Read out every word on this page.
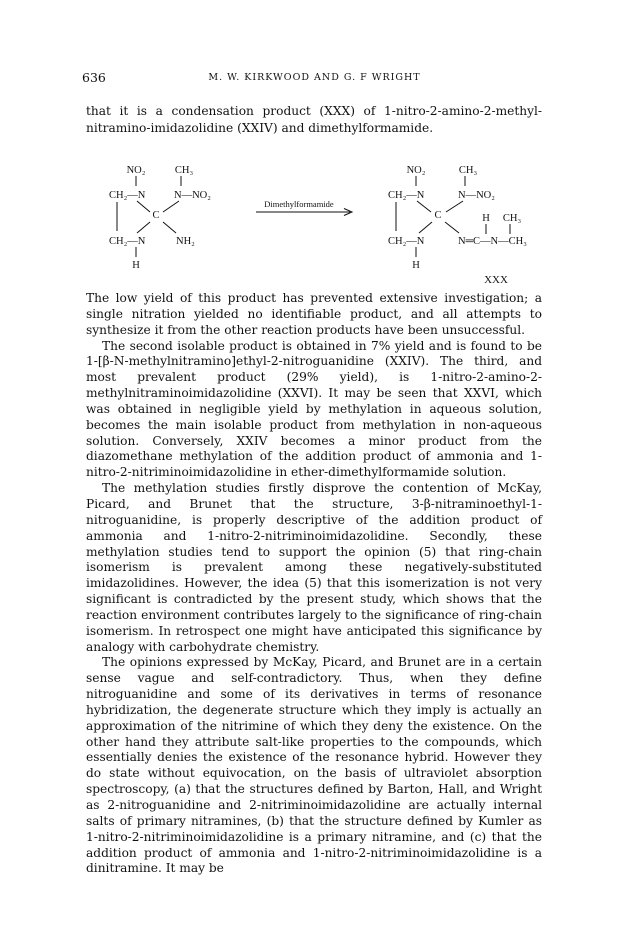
636	M. W. KIRKWOOD AND G. F WRIGHT

that it is a condensation product (XXX) of 1-nitro-2-amino-2-methyl-nitramino-imidazolidine (XXIV) and dimethylformamide.

NO₂	CH₃
CH₂—N	N—NO₂
C
CH₂—N	NH₂
H
Dimethylformamide
NO₂	CH₃
CH₂—N	N—NO₂
C	H CH₃
CH₂—N	N═C—N—CH₃
H
XXX

The low yield of this product has prevented extensive investigation; a single nitration yielded no identifiable product, and all attempts to synthesize it from the other reaction products have been unsuccessful.

The second isolable product is obtained in 7% yield and is found to be 1-[β-N-methylnitramino]ethyl-2-nitroguanidine (XXIV). The third, and most prevalent product (29% yield), is 1-nitro-2-amino-2-methylnitraminoimidazolidine (XXVI). It may be seen that XXVI, which was obtained in negligible yield by methylation in aqueous solution, becomes the main isolable product from methylation in non-aqueous solution. Conversely, XXIV becomes a minor product from the diazomethane methylation of the addition product of ammonia and 1-nitro-2-nitriminoimidazolidine in ether-dimethylformamide solution.

The methylation studies firstly disprove the contention of McKay, Picard, and Brunet that the structure, 3-β-nitraminoethyl-1-nitroguanidine, is properly descriptive of the addition product of ammonia and 1-nitro-2-nitriminoimidazolidine. Secondly, these methylation studies tend to support the opinion (5) that ring-chain isomerism is prevalent among these negatively-substituted imidazolidines. However, the idea (5) that this isomerization is not very significant is contradicted by the present study, which shows that the reaction environment contributes largely to the significance of ring-chain isomerism. In retrospect one might have anticipated this significance by analogy with carbohydrate chemistry.

The opinions expressed by McKay, Picard, and Brunet are in a certain sense vague and self-contradictory. Thus, when they define nitroguanidine and some of its derivatives in terms of resonance hybridization, the degenerate structure which they imply is actually an approximation of the nitrimine of which they deny the existence. On the other hand they attribute salt-like properties to the compounds, which essentially denies the existence of the resonance hybrid. However they do state without equivocation, on the basis of ultraviolet absorption spectroscopy, (a) that the structures defined by Barton, Hall, and Wright as 2-nitroguanidine and 2-nitriminoimidazolidine are actually internal salts of primary nitramines, (b) that the structure defined by Kumler as 1-nitro-2-nitriminoimidazolidine is a primary nitramine, and (c) that the addition product of ammonia and 1-nitro-2-nitriminoimidazolidine is a dinitramine. It may be
